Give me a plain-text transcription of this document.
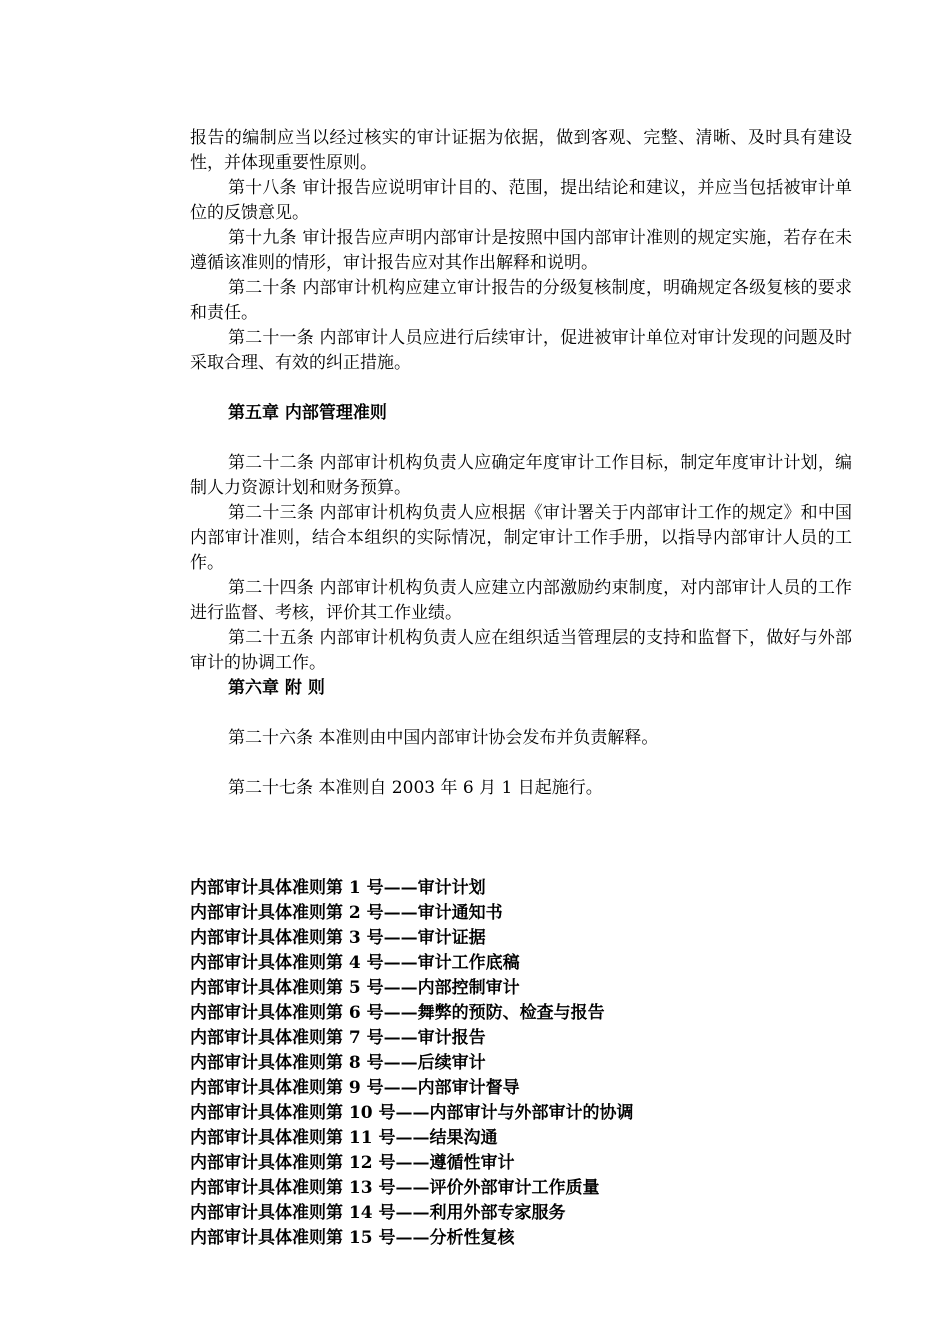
报告的编制应当以经过核实的审计证据为依据，做到客观、完整、清晰、及时具有建设性，并体现重要性原则。

第十八条 审计报告应说明审计目的、范围，提出结论和建议，并应当包括被审计单位的反馈意见。

第十九条 审计报告应声明内部审计是按照中国内部审计准则的规定实施，若存在未遵循该准则的情形，审计报告应对其作出解释和说明。

第二十条 内部审计机构应建立审计报告的分级复核制度，明确规定各级复核的要求和责任。

第二十一条 内部审计人员应进行后续审计，促进被审计单位对审计发现的问题及时采取合理、有效的纠正措施。

第五章 内部管理准则

第二十二条 内部审计机构负责人应确定年度审计工作目标，制定年度审计计划，编制人力资源计划和财务预算。

第二十三条 内部审计机构负责人应根据《审计署关于内部审计工作的规定》和中国内部审计准则，结合本组织的实际情况，制定审计工作手册，以指导内部审计人员的工作。

第二十四条 内部审计机构负责人应建立内部激励约束制度，对内部审计人员的工作进行监督、考核，评价其工作业绩。

第二十五条 内部审计机构负责人应在组织适当管理层的支持和监督下，做好与外部审计的协调工作。

第六章 附 则

第二十六条 本准则由中国内部审计协会发布并负责解释。

第二十七条 本准则自 2003 年 6 月 1 日起施行。

内部审计具体准则第 1 号——审计计划
内部审计具体准则第 2 号——审计通知书
内部审计具体准则第 3 号——审计证据
内部审计具体准则第 4 号——审计工作底稿
内部审计具体准则第 5 号——内部控制审计
内部审计具体准则第 6 号——舞弊的预防、检查与报告
内部审计具体准则第 7 号——审计报告
内部审计具体准则第 8 号——后续审计
内部审计具体准则第 9 号——内部审计督导
内部审计具体准则第 10 号——内部审计与外部审计的协调
内部审计具体准则第 11 号——结果沟通
内部审计具体准则第 12 号——遵循性审计
内部审计具体准则第 13 号——评价外部审计工作质量
内部审计具体准则第 14 号——利用外部专家服务
内部审计具体准则第 15 号——分析性复核
